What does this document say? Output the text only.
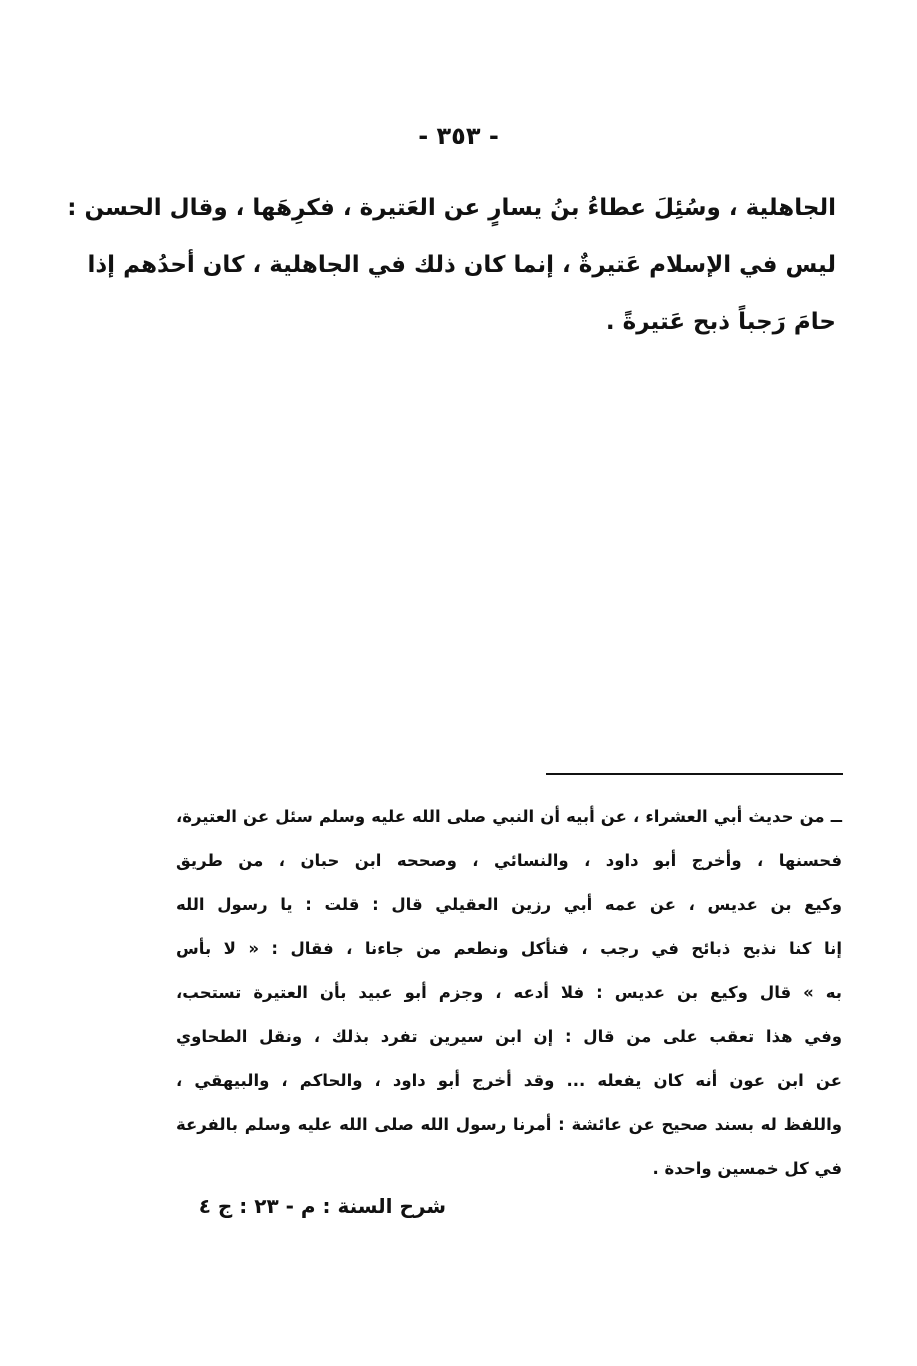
- ٣٥٣ -
الجاهلية ، وسُئِلَ عطاءُ بنُ يسارٍ عن العَتيرة ، فكرِهَها ، وقال الحسن :
ليس في الإسلام عَتيرةٌ ، إنما كان ذلك في الجاهلية ، كان أحدُهم إذا
حامَ رَجباً ذبح عَتيرةً .
ــ من حديث أبي العشراء ، عن أبيه أن النبي صلى الله عليه وسلم سئل عن العتيرة،
فحسنها ، وأخرج أبو داود ، والنسائي ، وصححه ابن حبان ، من طريق
وكيع بن عديس ، عن عمه أبي رزين العقيلي قال : قلت : يا رسول الله
إنا كنا نذبح ذبائح في رجب ، فنأكل ونطعم من جاءنا ، فقال : « لا بأس
به » قال وكيع بن عديس : فلا أدعه ، وجزم أبو عبيد بأن العتيرة تستحب،
وفي هذا تعقب على من قال : إن ابن سيرين تفرد بذلك ، ونقل الطحاوي
عن ابن عون أنه كان يفعله ... وقد أخرج أبو داود ، والحاكم ، والبيهقي ،
واللفظ له بسند صحيح عن عائشة : أمرنا رسول الله صلى الله عليه وسلم بالفرعة
في كل خمسين واحدة .
شرح السنة : م - ٢٣ : ج ٤
